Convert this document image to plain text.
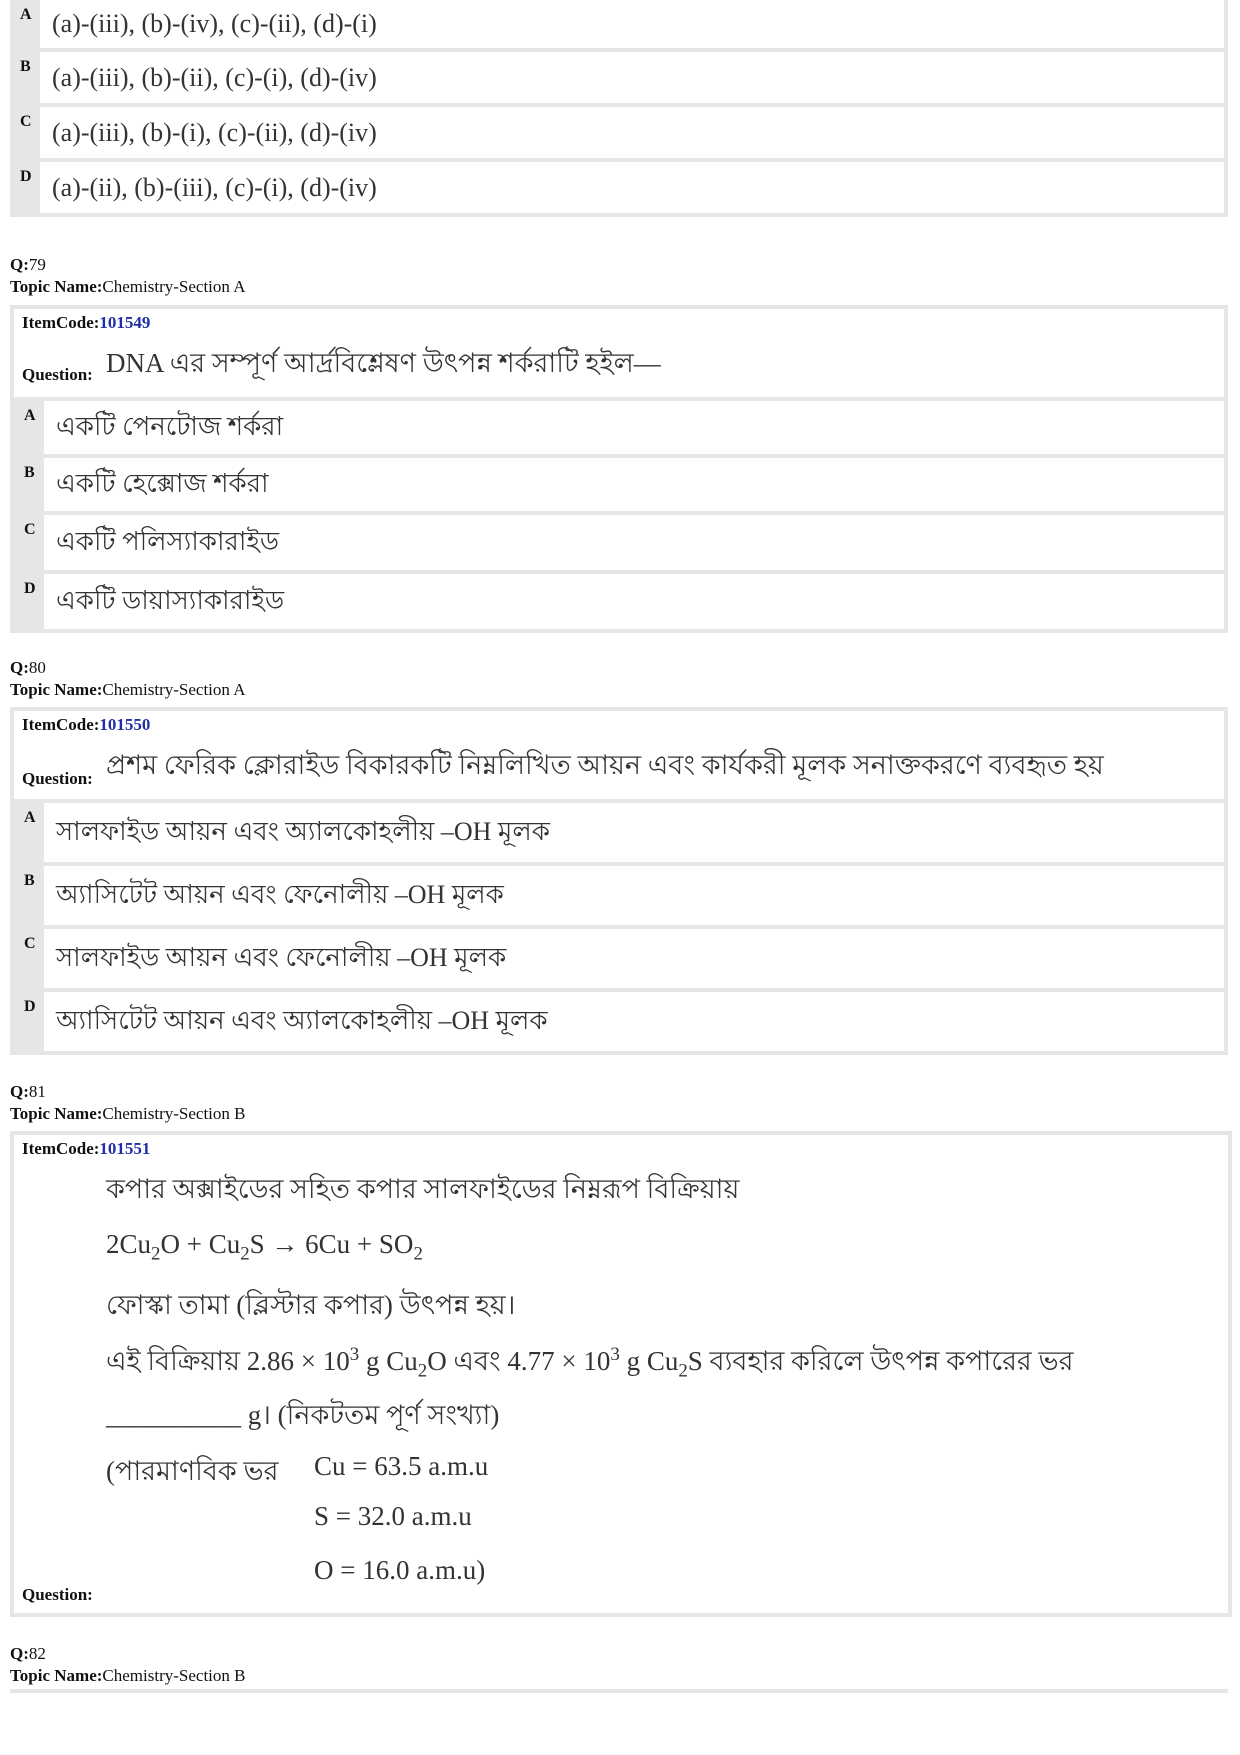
A (a)-(iii), (b)-(iv), (c)-(ii), (d)-(i)
B (a)-(iii), (b)-(ii), (c)-(i), (d)-(iv)
C (a)-(iii), (b)-(i), (c)-(ii), (d)-(iv)
D (a)-(ii), (b)-(iii), (c)-(i), (d)-(iv)
Q:79
Topic Name:Chemistry-Section A
ItemCode:101549
Question: DNA এর সম্পূর্ণ আর্দ্রবিশ্লেষণ উৎপন্ন শর্করাটি হইল—
A একটি পেনটোজ শর্করা
B একটি হেক্সোজ শর্করা
C একটি পলিস্যাকারাইড
D একটি ডায়াস্যাকারাইড
Q:80
Topic Name:Chemistry-Section A
ItemCode:101550
Question: প্রশম ফেরিক ক্লোরাইড বিকারকটি নিম্নলিখিত আয়ন এবং কার্যকরী মূলক সনাক্তকরণে ব্যবহৃত হয়
A সালফাইড আয়ন এবং অ্যালকোহলীয় –OH মূলক
B অ্যাসিটেট আয়ন এবং ফেনোলীয় –OH মূলক
C সালফাইড আয়ন এবং ফেনোলীয় –OH মূলক
D অ্যাসিটেট আয়ন এবং অ্যালকোহলীয় –OH মূলক
Q:81
Topic Name:Chemistry-Section B
ItemCode:101551
কপার অক্সাইডের সহিত কপার সালফাইডের নিম্নরূপ বিক্রিয়ায়
$2Cu_2O + Cu_2S \to 6Cu + SO_2$
ফোস্কা তামা (ব্লিস্টার কপার) উৎপন্ন হয়।
এই বিক্রিয়ায় $2.86 \times 10^3$ g $Cu_2O$ এবং $4.77 \times 10^3$ g $Cu_2S$ ব্যবহার করিলে উৎপন্ন কপারের ভর
__________ g। (নিকটতম পূর্ণ সংখ্যা)
(পারমাণবিক ভর Cu = 63.5 a.m.u
S = 32.0 a.m.u
O = 16.0 a.m.u)
Question:
Q:82
Topic Name:Chemistry-Section B
